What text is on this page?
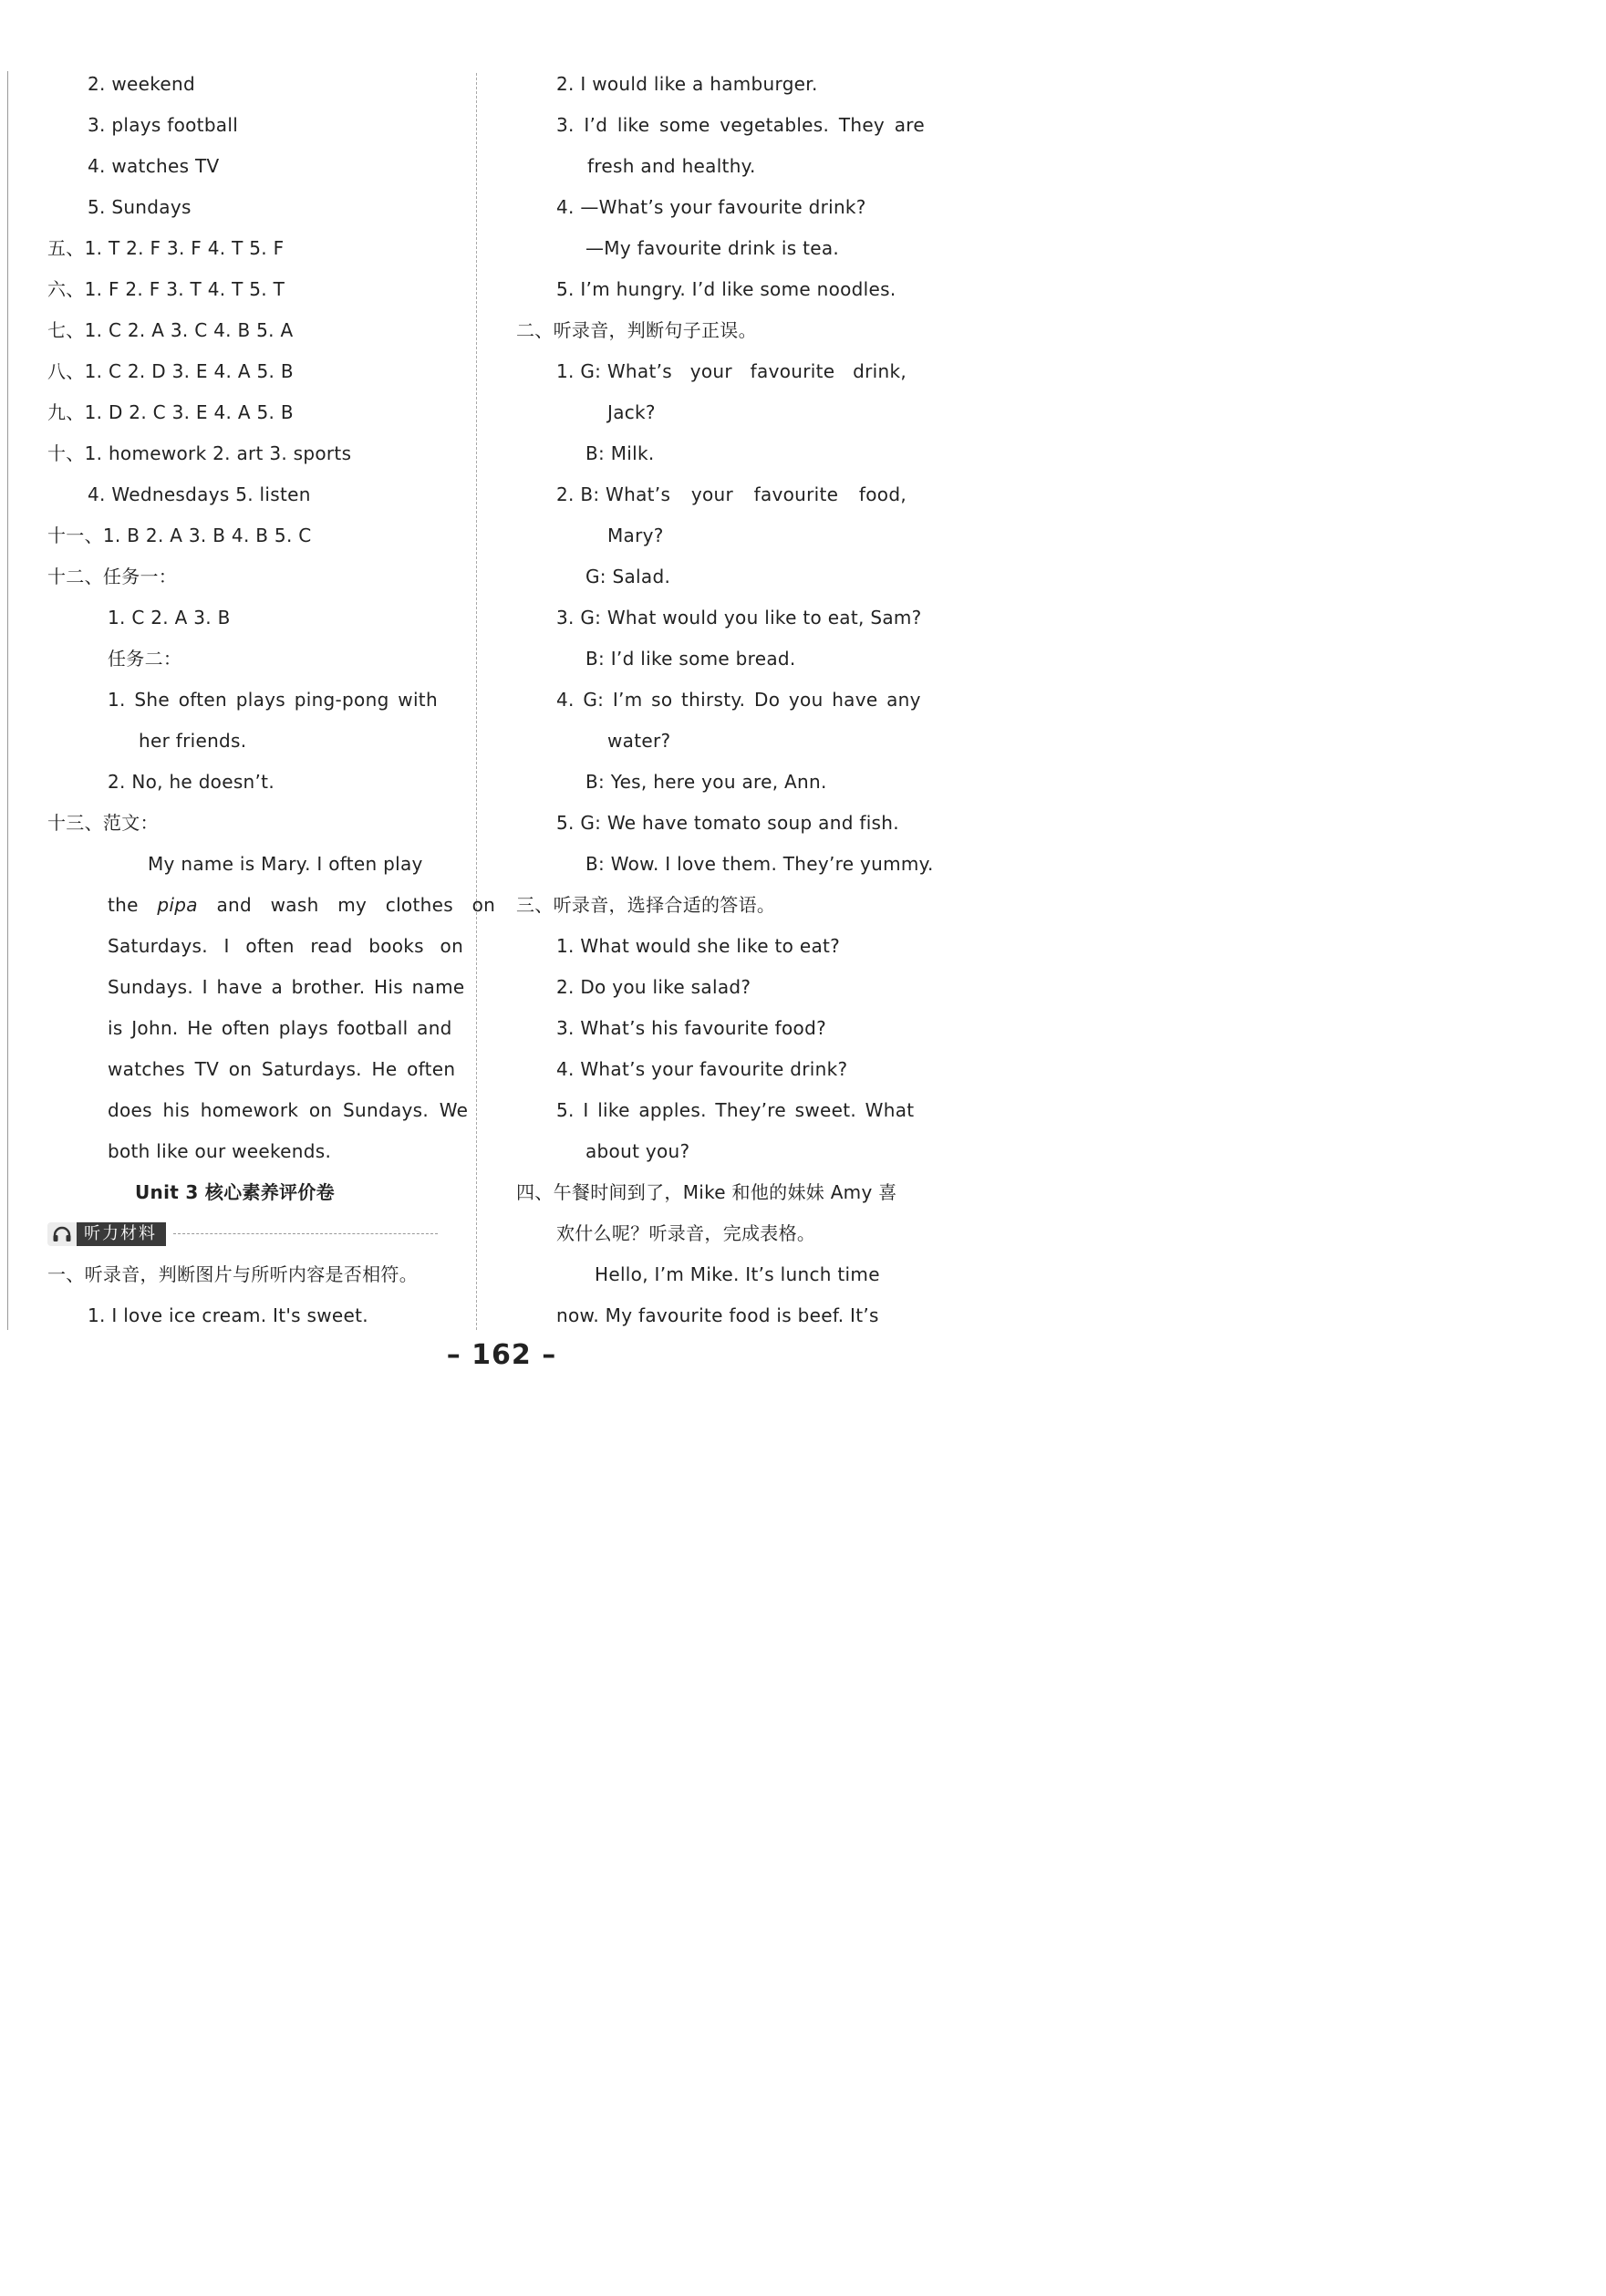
2. weekend
3. plays football
4. watches TV
5. Sundays
五、1. T 2. F 3. F 4. T 5. F
六、1. F 2. F 3. T 4. T 5. T
七、1. C 2. A 3. C 4. B 5. A
八、1. C 2. D 3. E 4. A 5. B
九、1. D 2. C 3. E 4. A 5. B
十、1. homework 2. art 3. sports
4. Wednesdays 5. listen
十一、1. B 2. A 3. B 4. B 5. C
十二、任务一：
1. C 2. A 3. B
任务二：
1. She often plays ping-pong with
her friends.
2. No, he doesn’t.
十三、范文：
My name is Mary. I often play
the pipa and wash my clothes on
Saturdays. I often read books on
Sundays. I have a brother. His name
is John. He often plays football and
watches TV on Saturdays. He often
does his homework on Sundays. We
both like our weekends.
Unit 3 核心素养评价卷
听力材料
一、听录音，判断图片与所听内容是否相符。
1. I love ice cream. It's sweet.
2. I would like a hamburger.
3. I’d like some vegetables. They are
fresh and healthy.
4. —What’s your favourite drink?
—My favourite drink is tea.
5. I’m hungry. I’d like some noodles.
二、听录音，判断句子正误。
1. G: What’s your favourite drink,
Jack?
B: Milk.
2. B: What’s your favourite food,
Mary?
G: Salad.
3. G: What would you like to eat, Sam?
B: I’d like some bread.
4. G: I’m so thirsty. Do you have any
water?
B: Yes, here you are, Ann.
5. G: We have tomato soup and fish.
B: Wow. I love them. They’re yummy.
三、听录音，选择合适的答语。
1. What would she like to eat?
2. Do you like salad?
3. What’s his favourite food?
4. What’s your favourite drink?
5. I like apples. They’re sweet. What
about you?
四、午餐时间到了，Mike 和他的妹妹 Amy 喜
欢什么呢？听录音，完成表格。
Hello, I’m Mike. It’s lunch time
now. My favourite food is beef. It’s
– 162 –
